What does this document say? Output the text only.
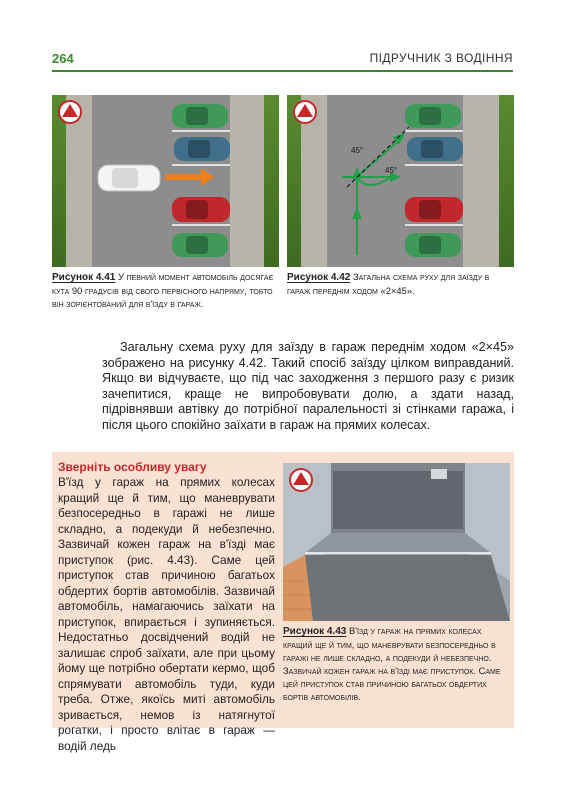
264	ПІДРУЧНИК З ВОДІННЯ
45°
45°
Рисунок 4.41 У певний момент автомобіль досягає кута 90 градусів від свого первісного напряму, тобто він зорієнтований для в'їзду в гараж.
Рисунок 4.42 Загальна схема руху для заїзду в гараж переднім ходом «2×45».
Загальну схема руху для заїзду в гараж переднім ходом «2×45» зображено на рисунку 4.42. Такий спосіб заїзду цілком виправданий. Якщо ви відчуваєте, що під час заходження з першого разу є ризик зачепитися, краще не випробовувати долю, а здати назад, підрівнявши автівку до потрібної паралельності зі стінками гаража, і після цього спокійно заїхати в гараж на прямих колесах.
Зверніть особливу увагу
В'їзд у гараж на прямих колесах кращий ще й тим, що маневрувати безпосередньо в гаражі не лише складно, а подекуди й небезпечно. Зазвичай кожен гараж на в'їзді має приступок (рис. 4.43). Саме цей приступок став причиною багатьох обдертих бортів автомобілів. Зазвичай автомобіль, намагаючись заїхати на приступок, впирається і зупиняється. Недостатньо досвідчений водій не залишає спроб заїхати, але при цьому йому ще потрібно обертати кермо, щоб спрямувати автомобіль туди, куди треба. Отже, якоїсь миті автомобіль зривається, немов із натягнутої рогатки, і просто влітає в гараж — водій ледь
Рисунок 4.43 В'їзд у гараж на прямих колесах кращий ще й тим, що маневрувати безпосередньо в гаражі не лише складно, а подекуди й небезпечно. Зазвичай кожен гараж на в'їзді має приступок. Саме цей приступок став причиною багатьох обдертих бортів автомобілів.
